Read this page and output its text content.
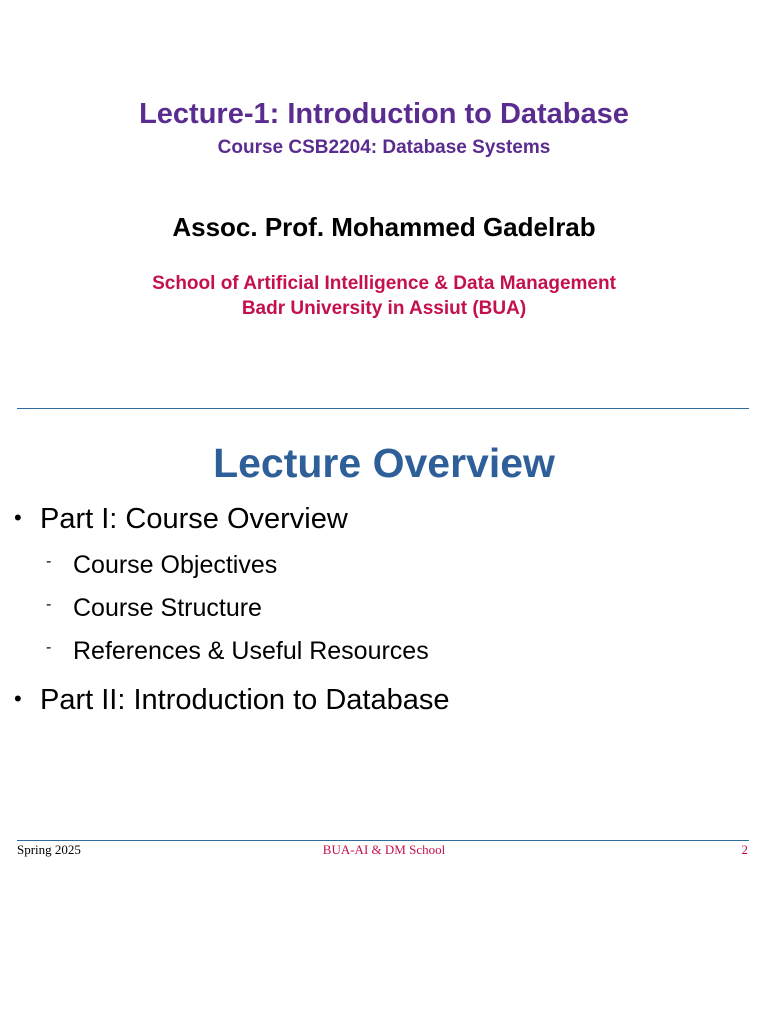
Lecture-1: Introduction to Database
Course CSB2204: Database Systems
Assoc. Prof. Mohammed Gadelrab
School of Artificial Intelligence & Data Management
Badr University in Assiut (BUA)
Lecture Overview
• Part I: Course Overview
- Course Objectives
- Course Structure
- References & Useful Resources
• Part II: Introduction to Database
Spring 2025	BUA-AI & DM School	2
